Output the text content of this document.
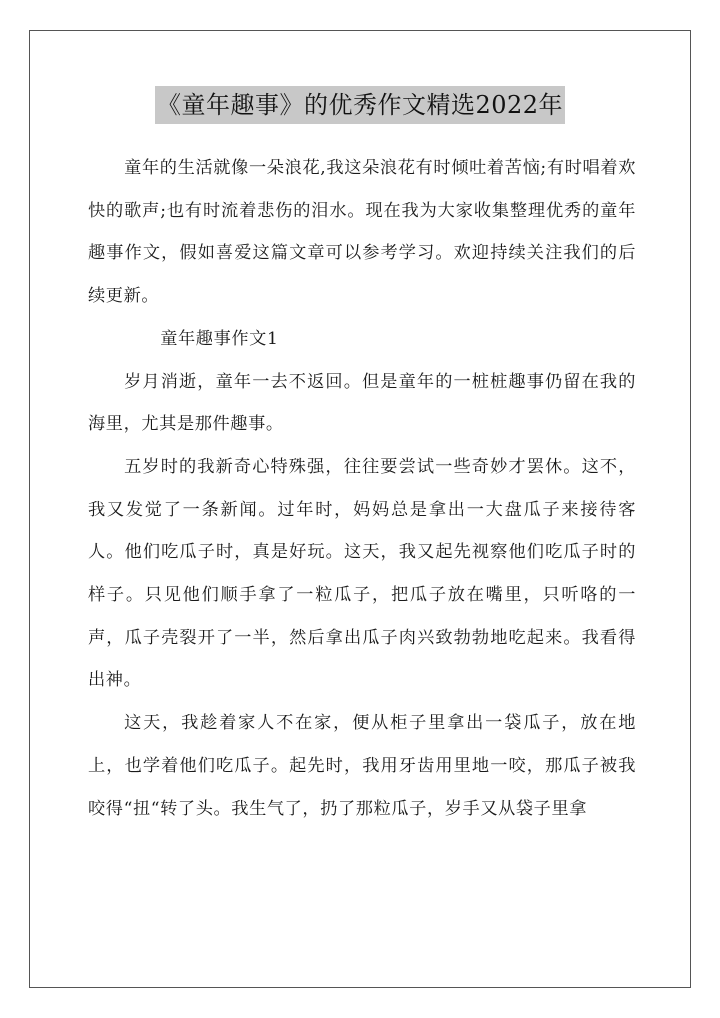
《童年趣事》的优秀作文精选2022年

童年的生活就像一朵浪花,我这朵浪花有时倾吐着苦恼;有时唱着欢快的歌声;也有时流着悲伤的泪水。现在我为大家收集整理优秀的童年趣事作文，假如喜爱这篇文章可以参考学习。欢迎持续关注我们的后续更新。

童年趣事作文1

岁月消逝，童年一去不返回。但是童年的一桩桩趣事仍留在我的海里，尤其是那件趣事。

五岁时的我新奇心特殊强，往往要尝试一些奇妙才罢休。这不，我又发觉了一条新闻。过年时，妈妈总是拿出一大盘瓜子来接待客人。他们吃瓜子时，真是好玩。这天，我又起先视察他们吃瓜子时的样子。只见他们顺手拿了一粒瓜子，把瓜子放在嘴里，只听咯的一声，瓜子壳裂开了一半，然后拿出瓜子肉兴致勃勃地吃起来。我看得出神。

这天，我趁着家人不在家，便从柜子里拿出一袋瓜子，放在地上，也学着他们吃瓜子。起先时，我用牙齿用里地一咬，那瓜子被我咬得“扭“转了头。我生气了，扔了那粒瓜子，岁手又从袋子里拿
